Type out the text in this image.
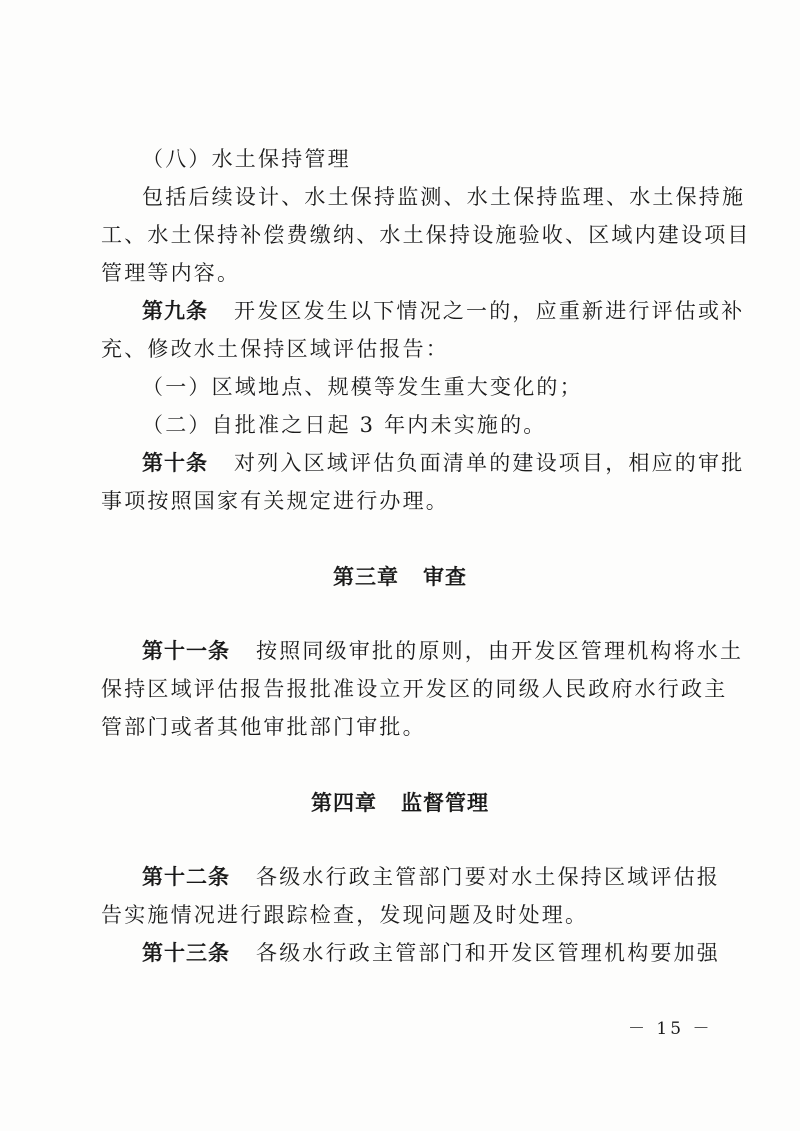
（八）水土保持管理
包括后续设计、水土保持监测、水土保持监理、水土保持施
工、水土保持补偿费缴纳、水土保持设施验收、区域内建设项目
管理等内容。
第九条 开发区发生以下情况之一的，应重新进行评估或补
充、修改水土保持区域评估报告：
（一）区域地点、规模等发生重大变化的；
（二）自批准之日起 3 年内未实施的。
第十条 对列入区域评估负面清单的建设项目，相应的审批
事项按照国家有关规定进行办理。
第三章 审查
第十一条 按照同级审批的原则，由开发区管理机构将水土
保持区域评估报告报批准设立开发区的同级人民政府水行政主
管部门或者其他审批部门审批。
第四章 监督管理
第十二条 各级水行政主管部门要对水土保持区域评估报
告实施情况进行跟踪检查，发现问题及时处理。
第十三条 各级水行政主管部门和开发区管理机构要加强
－ 15 －
